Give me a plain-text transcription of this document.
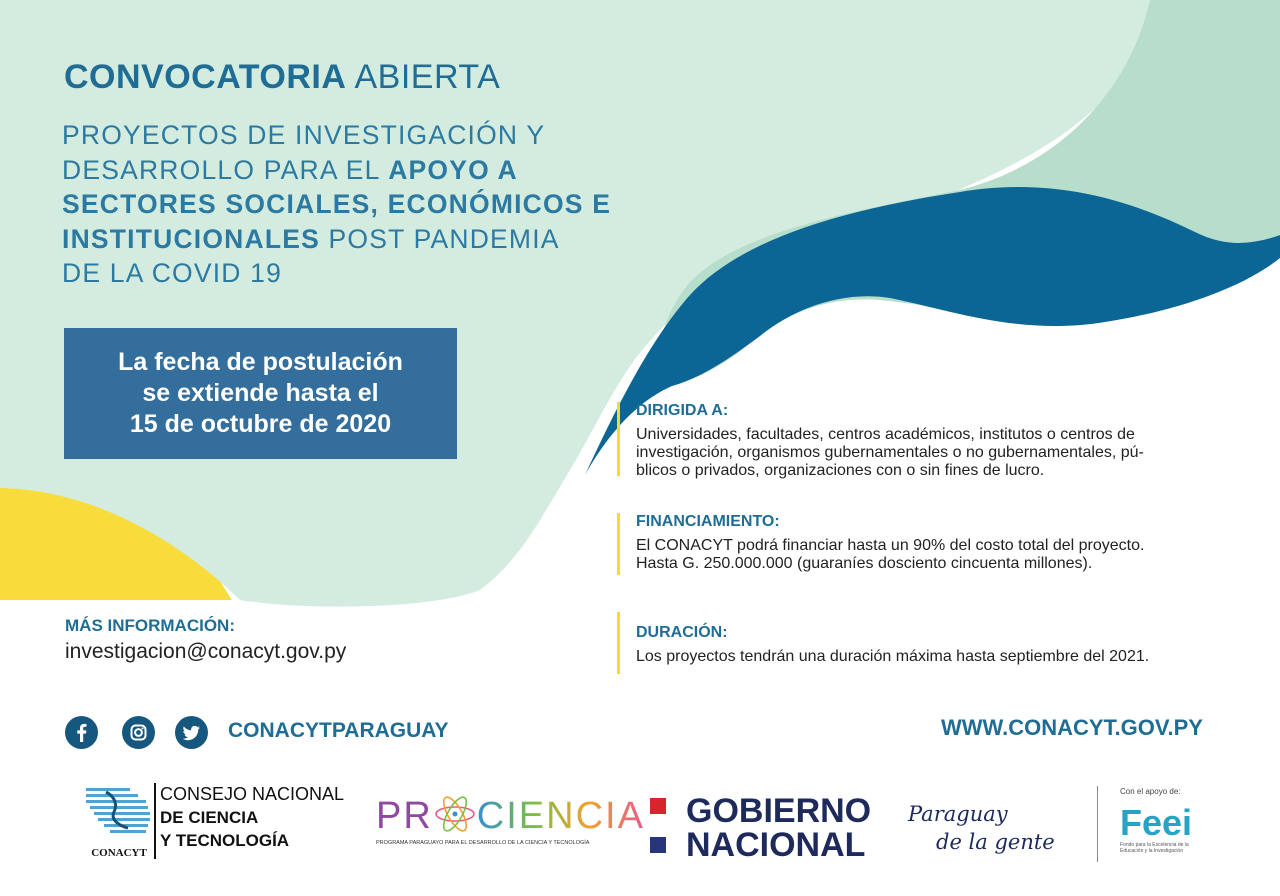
CONVOCATORIA ABIERTA
PROYECTOS DE INVESTIGACIÓN Y
DESARROLLO PARA EL APOYO A
SECTORES SOCIALES, ECONÓMICOS E
INSTITUCIONALES POST PANDEMIA
DE LA COVID 19
La fecha de postulación
se extiende hasta el
15 de octubre de 2020	DIRIGIDA A:
Universidades, facultades, centros académicos, institutos o centros de
investigación, organismos gubernamentales o no gubernamentales, pú-
blicos o privados, organizaciones con o sin fines de lucro.
FINANCIAMIENTO:
El CONACYT podrá financiar hasta un 90% del costo total del proyecto.
Hasta G. 250.000.000 (guaraníes dosciento cincuenta millones).
DURACIÓN:
Los proyectos tendrán una duración máxima hasta septiembre del 2021.
MÁS INFORMACIÓN:
investigacion@conacyt.gov.py
CONACYTPARAGUAY	WWW.CONACYT.GOV.PY
CONACYT
CONSEJO NACIONAL
DE CIENCIA
Y TECNOLOGÍA
PR CIENCIA
PROGRAMA PARAGUAYO PARA EL DESARROLLO DE LA CIENCIA Y TECNOLOGÍA
GOBIERNO
NACIONAL
Paraguay
de la gente
Con el apoyo de:
Feei
Fondo para la Excelencia de la
Educación y la Investigación
